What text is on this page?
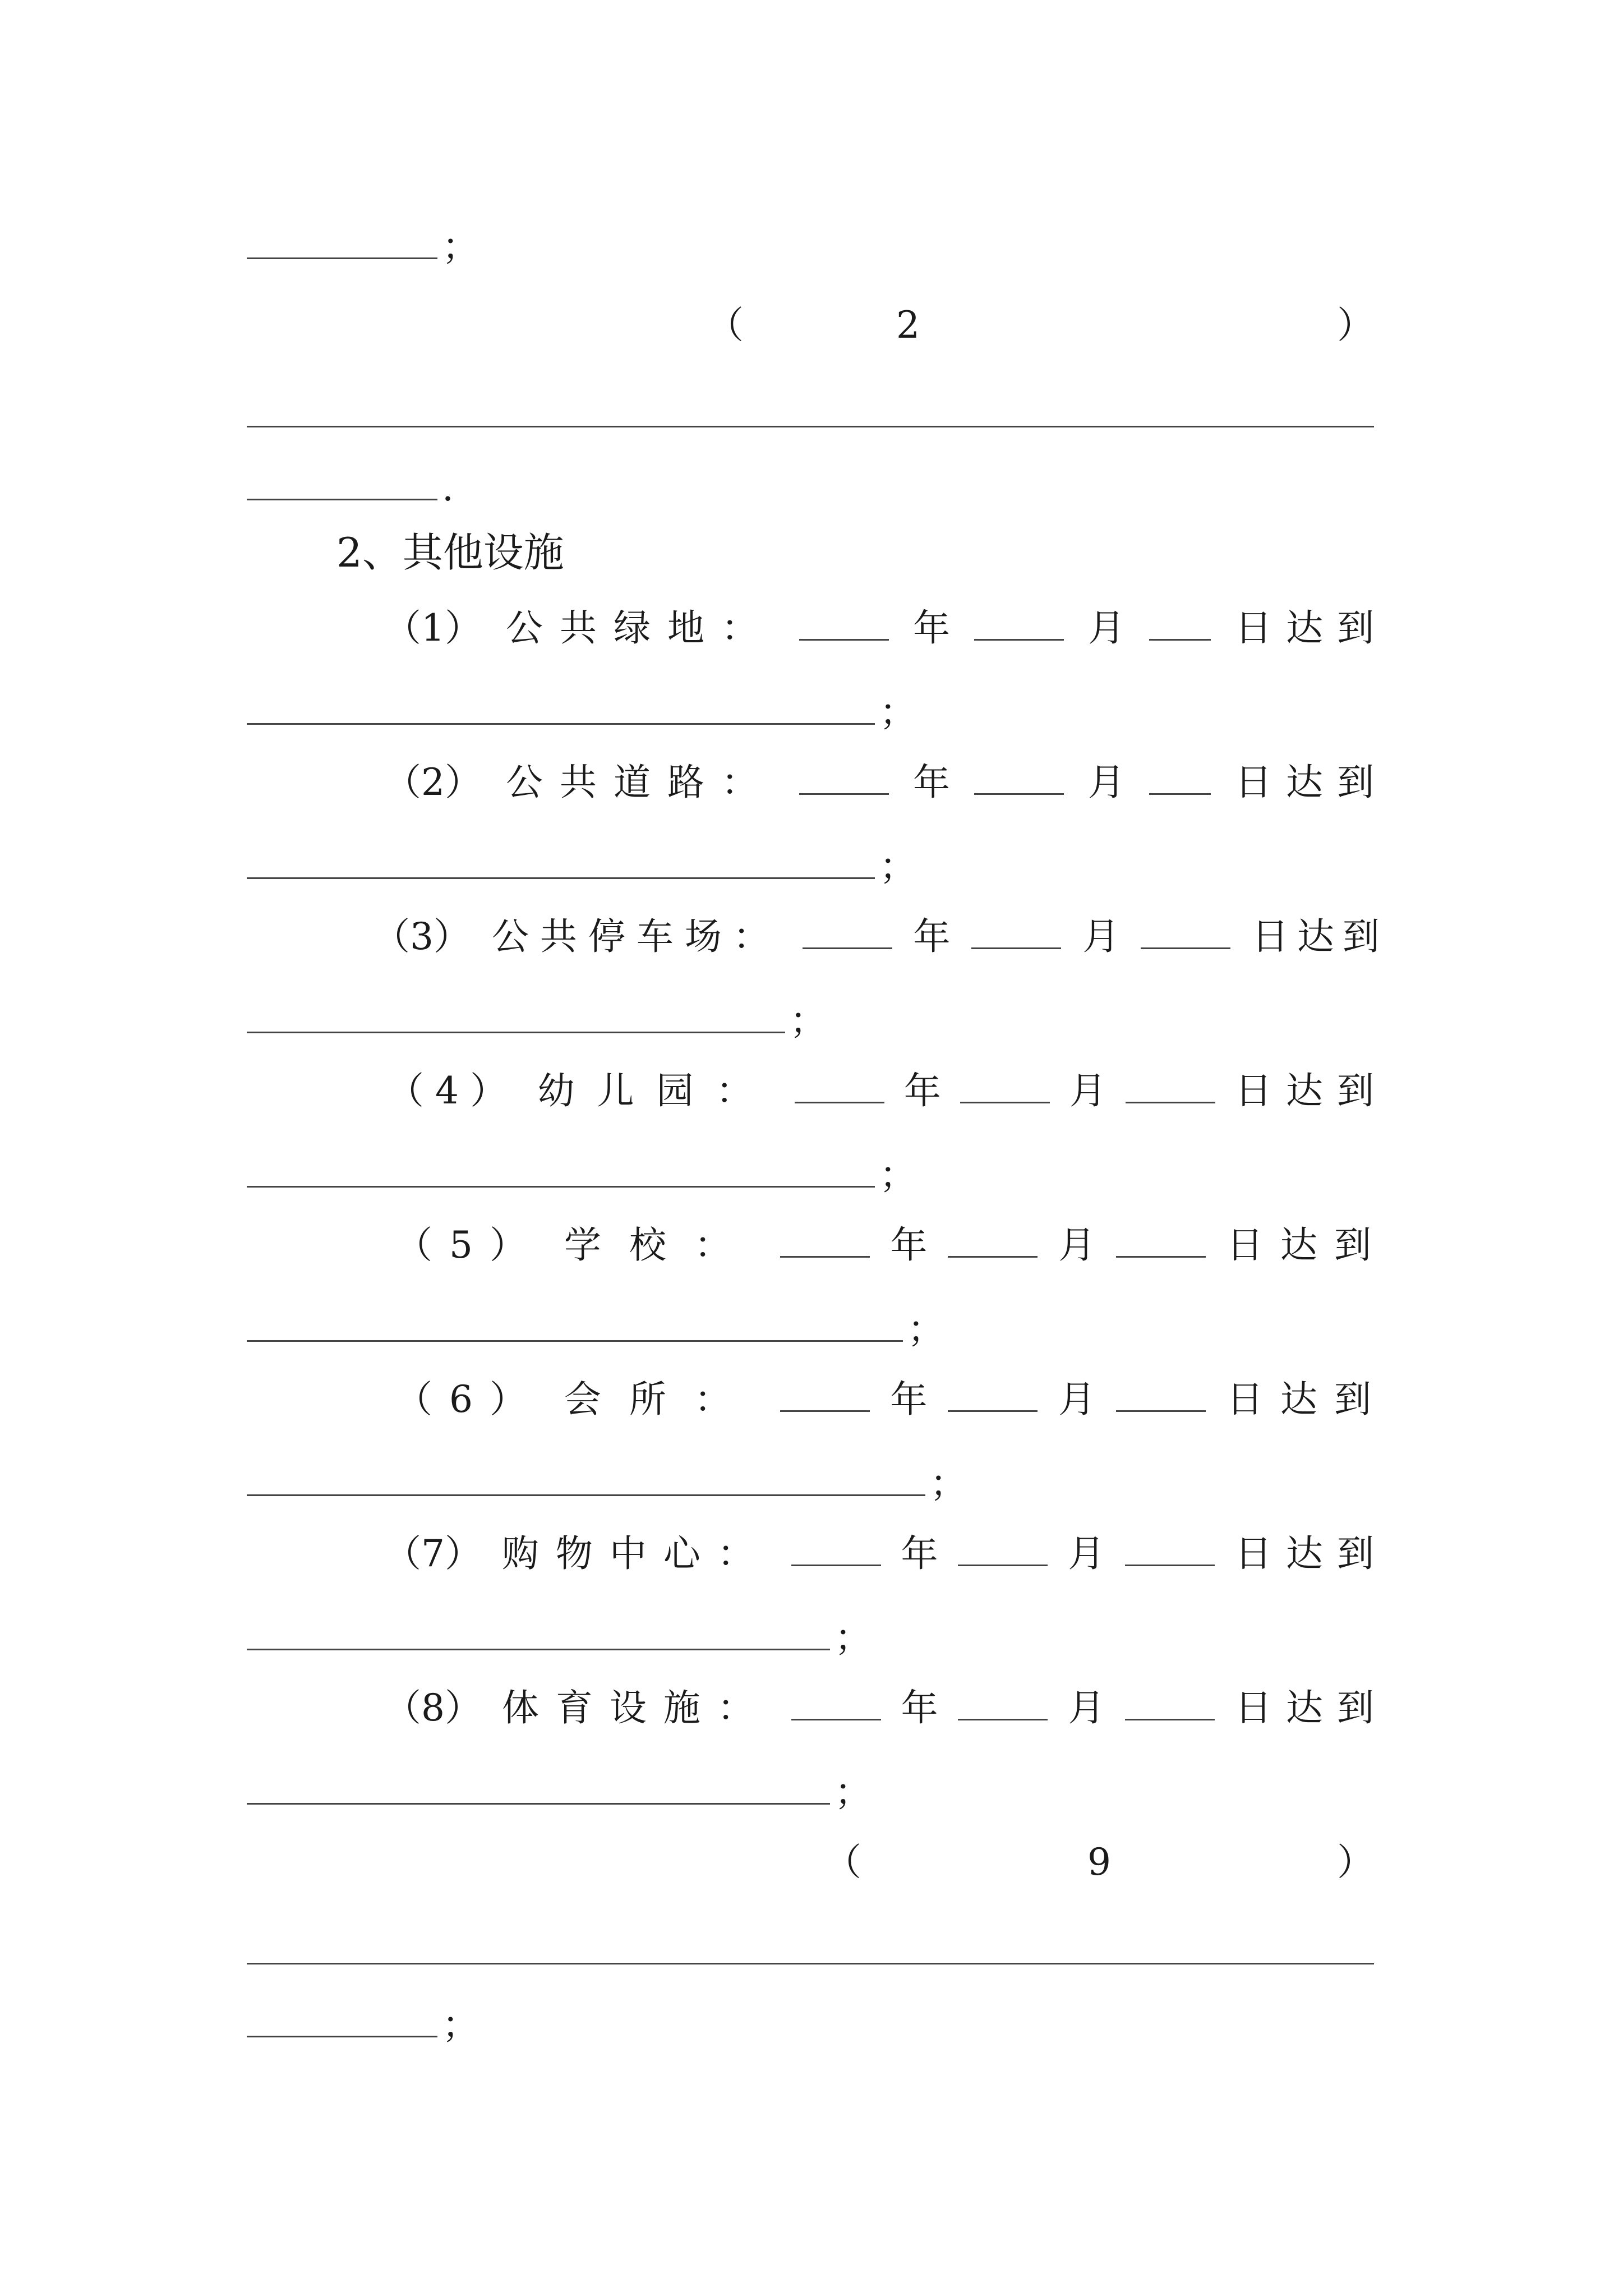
；
（	2	）
.
2、其他设施
（1） 公共绿地：	年	月	日达到
；
（2） 公共道路：	年	月	日达到
；
（3） 公共停车场：	年	月	日达到
；
（4） 幼儿园：	年	月	日达到
；
（5） 学校：	年	月	日达到
；
（6） 会所：	年	月	日达到
；
（7） 购物中心：	年	月	日达到
；
（8） 体育设施：	年	月	日达到
；
（	9	）
；
